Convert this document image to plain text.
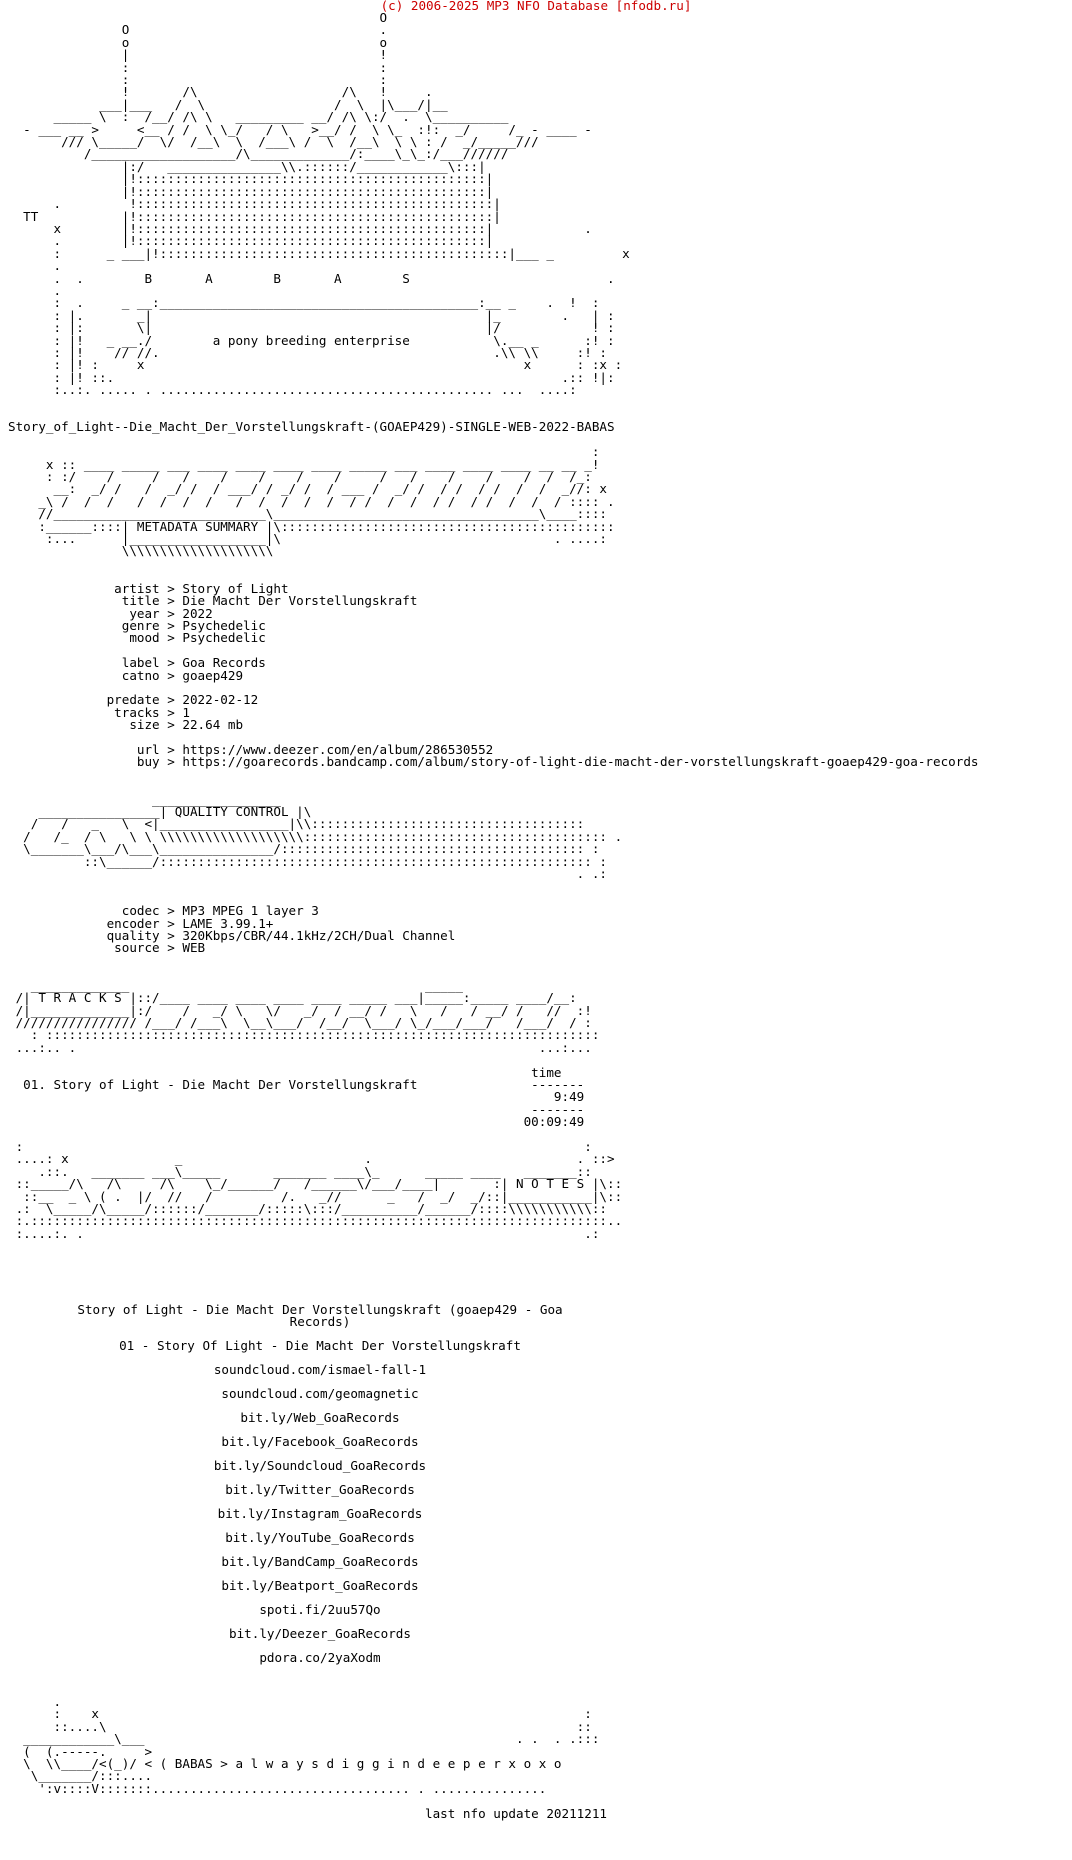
(c) 2006-2025 MP3 NFO Database [nfodb.ru]
O
O                                 .
o                                 o
|                                 !
:                                 :
:                                 :
!       /\                   /\   !     .
___|___   /  \                 /  \  |\___/|__
_____ \  :  /__/ /\ \   _________ __/ /\ \:/  .  \__________
- ___ __ >     <__ / /  \ \_/   / \   >__/ /  \ \_  :!:  _/     /_ - ____ -
/// \_____/  \/  /__\  \  /___\ /  \  /__\  \ \ : /  _/_____///
/___________________/\_____________/:____\_\_:/___//////
|:/   _______________\\.::::::/____________\:::|
|!::::::::::::::::::::::::::::::::::::::::::::::|
|!::::::::::::::::::::::::::::::::::::::::::::::|
.         !:::::::::::::::::::::::::::::::::::::::::::::::|
TT           |!:::::::::::::::::::::::::::::::::::::::::::::::|
x        |!::::::::::::::::::::::::::::::::::::::::::::::|            .
.        |!::::::::::::::::::::::::::::::::::::::::::::::|
:      _ ___|!::::::::::::::::::::::::::::::::::::::::::::::|___ _         x
.
.  .        B       A        B       A        S                          .
.
:  .     _ __:__________________________________________:__ _    .  !  :
: |.       _|                                            |_        .   | :
: |:       \|                                            |/            ! :
: |!   _ __./        a pony breeding enterprise           \.__ _      :! :
: |!    // //.                                            .\\ \\     :! :
: |! :     x                                                  x      : :x :
: |! ::.                                                           .:: !|:
:..:. ..... . ............................................ ...  ....:

Story_of_Light--Die_Macht_Der_Vorstellungskraft-(GOAEP429)-SINGLE-WEB-2022-BABAS

:
x :: ____ _____ ___ ____ ____ ____ ____ _____ ___ ____ ____ ____ __ __ _!
: :/    /     /   /    /    /    /    /     /   /    /    /    /  /  /_:
__:  _/ /   /  _/ /  / ___/ / _/ /  / ___ /  _/ /  / /  / /  /  /  _//: x
_\ /  /  /   /  /  /  /   /  /  /  /  /  / /  /  /  / /  / /  /  /  / :::: .
//____________________________\___________________________________\____::::
:______::::| METADATA SUMMARY |\::::::::::::::::::::::::::::::::::::::::::::
:...      |__________________|\                                    . ....:
\\\\\\\\\\\\\\\\\\\\

artist > Story of Light
title > Die Macht Der Vorstellungskraft
year > 2022
genre > Psychedelic
mood > Psychedelic

label > Goa Records
catno > goaep429

predate > 2022-02-12
tracks > 1
size > 22.64 mb

url > https://www.deezer.com/en/album/286530552
buy > https://goarecords.bandcamp.com/album/story-of-light-die-macht-der-vorstellungskraft-goaep429-goa-records

_________________
________________| QUALITY CONTROL |\
/   /   _   \  <|_________________|\\::::::::::::::::::::::::::::::::::::
/   /_  / \   \ \ \\\\\\\\\\\\\\\\\\\:::::::::::::::::::::::::::::::::::::::: .
\_______\___/\___\_______________/:::::::::::::::::::::::::::::::::::::::: :
::\______/::::::::::::::::::::::::::::::::::::::::::::::::::::::::: :
. .:

codec > MP3 MPEG 1 layer 3
encoder > LAME 3.99.1+
quality > 320Kbps/CBR/44.1kHz/2CH/Dual Channel
source > WEB

_____________                                       _____
/| T R A C K S |::/____ ____ ____ ____ ____ _____ ___|_____:_____ ____/__:
/|_____________|:/    /   _/ \   \/   _/  / __/ /   \   /   / __/ /   //  :!
//////////////// /___/ /___\  \__\___/  /__/  \___/ \_/___/___/   /___/  / :
: :::::::::::::::::::::::::::::::::::::::::::::::::::::::::::::::::::::::::
...:.. .                                                             ...:...

time
01. Story of Light - Die Macht Der Vorstellungskraft               -------
9:49
-------
00:09:49

:                                                                          :
....: x              _                        .                           . ::>
.::.   _______ ___\_____       _______ ____\_      _____ ____   _______::
::_____/\   /\     /\    \_/______/   /______\/___/____|       :| N O T E S |\::
::__  _ \ ( .  |/  //   /         /.   _//      _   /  _/  _/::|___________|\::
.:  \_____/\_____/::::::/_______/:::::\:::/__________/______/::::\\\\\\\\\\\::
:.::::::::::::::::::::::::::::::::::::::::::::::::::::::::::::::::::::::::::::..
:....:. .                                                                  .:
Story of Light - Die Macht Der Vorstellungskraft (goaep429 - Goa
Records)
01 - Story Of Light - Die Macht Der Vorstellungskraft
soundcloud.com/ismael-fall-1
soundcloud.com/geomagnetic
bit.ly/Web_GoaRecords
bit.ly/Facebook_GoaRecords
bit.ly/Soundcloud_GoaRecords
bit.ly/Twitter_GoaRecords
bit.ly/Instagram_GoaRecords
bit.ly/YouTube_GoaRecords
bit.ly/BandCamp_GoaRecords
bit.ly/Beatport_GoaRecords
spoti.fi/2uu57Qo
bit.ly/Deezer_GoaRecords
pdora.co/2yaXodm
.
:    x                                                                :
::....\                                                              ::
____________\___                                                 . .  . .:::
(  (.-----.     >
\  \\____/<(_)/ < ( BABAS > a l w a y s d i g g i n d e e p e r x o x o
\_______/:::....
':v::::V:::::::.................................. . ...............

last nfo update 20211211
